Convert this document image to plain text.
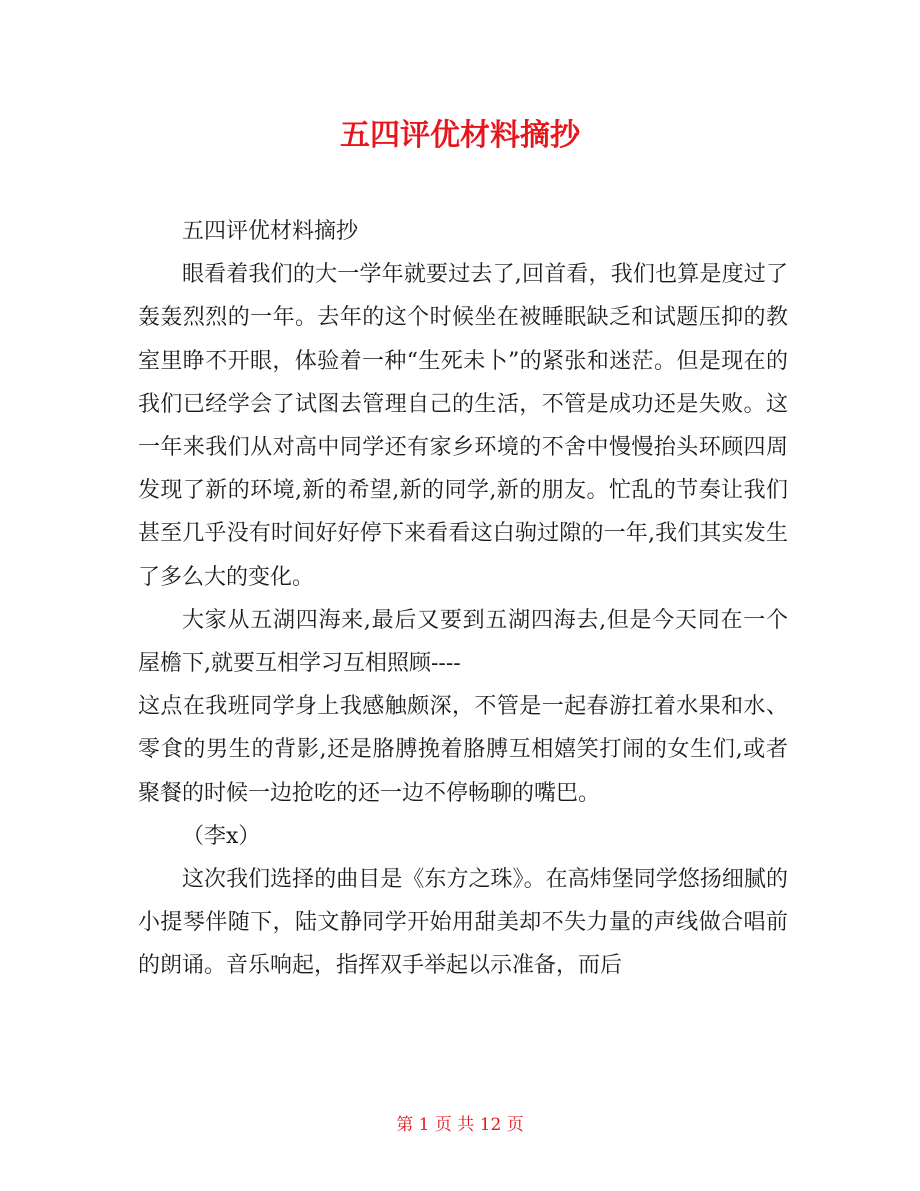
五四评优材料摘抄

五四评优材料摘抄

眼看着我们的大一学年就要过去了,回首看，我们也算是度过了轰轰烈烈的一年。去年的这个时候坐在被睡眠缺乏和试题压抑的教室里睁不开眼，体验着一种“生死未卜”的紧张和迷茫。但是现在的我们已经学会了试图去管理自己的生活，不管是成功还是失败。这一年来我们从对高中同学还有家乡环境的不舍中慢慢抬头环顾四周发现了新的环境,新的希望,新的同学,新的朋友。忙乱的节奏让我们甚至几乎没有时间好好停下来看看这白驹过隙的一年,我们其实发生了多么大的变化。

大家从五湖四海来,最后又要到五湖四海去,但是今天同在一个屋檐下,就要互相学习互相照顾----

这点在我班同学身上我感触颇深，不管是一起春游扛着水果和水、零食的男生的背影,还是胳膊挽着胳膊互相嬉笑打闹的女生们,或者聚餐的时候一边抢吃的还一边不停畅聊的嘴巴。

（李x）

这次我们选择的曲目是《东方之珠》。在高炜堡同学悠扬细腻的小提琴伴随下，陆文静同学开始用甜美却不失力量的声线做合唱前的朗诵。音乐响起，指挥双手举起以示准备，而后

第 1 页 共 12 页
